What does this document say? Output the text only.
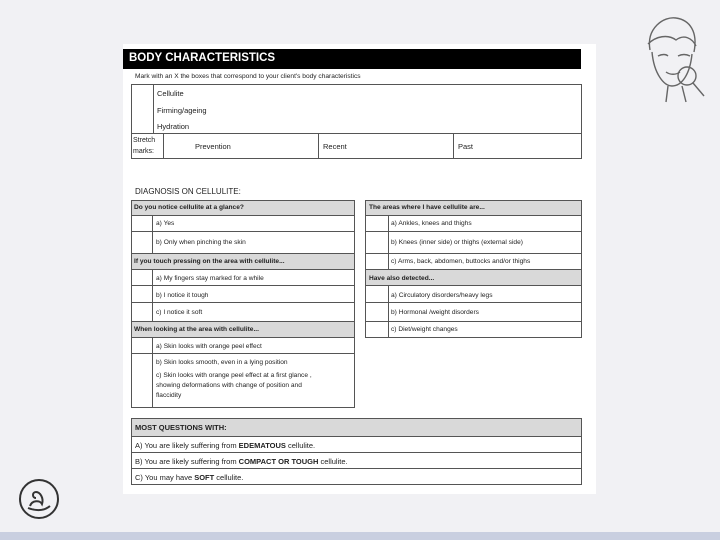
BODY CHARACTERISTICS
Mark with an X the boxes that correspond to your client's body characteristics
Cellulite
Firming/ageing
Hydration
Stretch
marks:
Prevention	Recent	Past
DIAGNOSIS ON CELLULITE:
Do you notice cellulite at a glance?
a) Yes
b) Only when pinching the skin
If you touch pressing on the area with cellulite...
a) My fingers stay marked for a while
b) I notice it tough
c) I notice it soft
When looking at the area with cellulite...
a) Skin looks with orange peel effect
b) Skin looks smooth, even in a lying position
c) Skin looks with orange peel effect at a first glance ,
showing deformations with change of position and
flaccidity
The areas where I have cellulite are...
a) Ankles, knees and thighs
b) Knees (inner side) or thighs (external side)
c) Arms, back, abdomen, buttocks and/or thighs
Have also detected...
a) Circulatory disorders/heavy legs
b) Hormonal /weight disorders
c) Diet/weight changes
MOST QUESTIONS WITH:
A) You are likely suffering from EDEMATOUS cellulite.
B) You are likely suffering from COMPACT OR TOUGH cellulite.
C) You may have SOFT cellulite.
